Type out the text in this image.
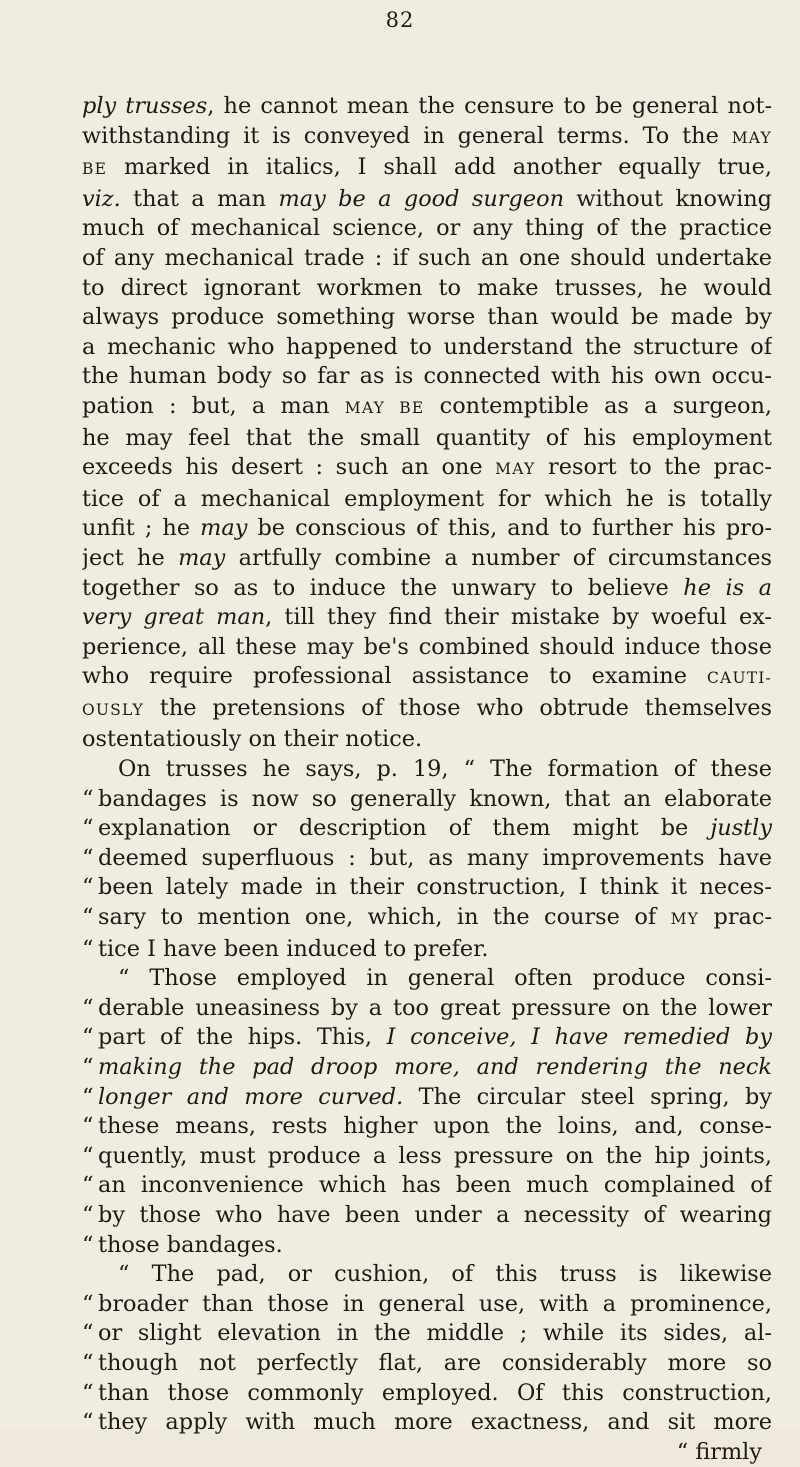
82
ply trusses, he cannot mean the censure to be general not-
withstanding it is conveyed in general terms. To the MAY
BE marked in italics, I shall add another equally true,
viz. that a man may be a good surgeon without knowing
much of mechanical science, or any thing of the practice
of any mechanical trade : if such an one should undertake
to direct ignorant workmen to make trusses, he would
always produce something worse than would be made by
a mechanic who happened to understand the structure of
the human body so far as is connected with his own occu-
pation : but, a man MAY BE contemptible as a surgeon,
he may feel that the small quantity of his employment
exceeds his desert : such an one MAY resort to the prac-
tice of a mechanical employment for which he is totally
unfit ; he may be conscious of this, and to further his pro-
ject he may artfully combine a number of circumstances
together so as to induce the unwary to believe he is a
very great man, till they find their mistake by woeful ex-
perience, all these may be's combined should induce those
who require professional assistance to examine CAUTI-
OUSLY the pretensions of those who obtrude themselves
ostentatiously on their notice.
On trusses he says, p. 19, “ The formation of these
“ bandages is now so generally known, that an elaborate
“ explanation or description of them might be justly
“ deemed superfluous : but, as many improvements have
“ been lately made in their construction, I think it neces-
“ sary to mention one, which, in the course of MY prac-
“ tice I have been induced to prefer.
“ Those employed in general often produce consi-
“ derable uneasiness by a too great pressure on the lower
“ part of the hips. This, I conceive, I have remedied by
“ making the pad droop more, and rendering the neck
“ longer and more curved. The circular steel spring, by
“ these means, rests higher upon the loins, and, conse-
“ quently, must produce a less pressure on the hip joints,
“ an inconvenience which has been much complained of
“ by those who have been under a necessity of wearing
“ those bandages.
“ The pad, or cushion, of this truss is likewise
“ broader than those in general use, with a prominence,
“ or slight elevation in the middle ; while its sides, al-
“ though not perfectly flat, are considerably more so
“ than those commonly employed. Of this construction,
“ they apply with much more exactness, and sit more
“ firmly
